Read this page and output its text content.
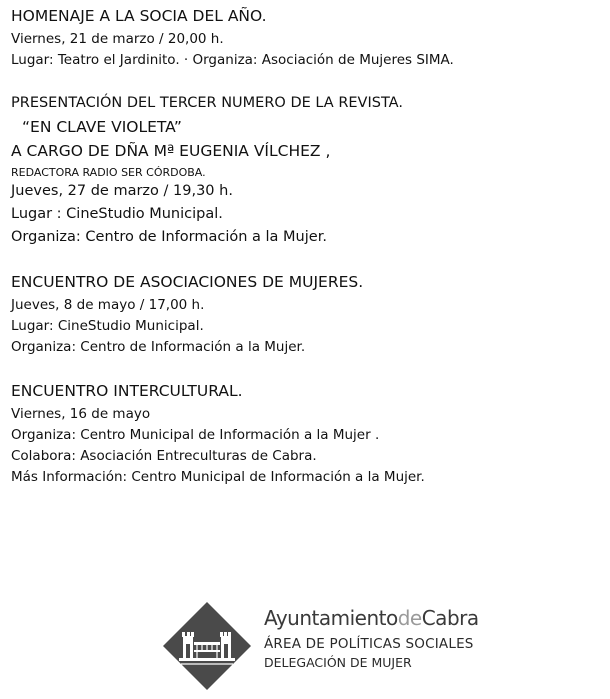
HOMENAJE A LA SOCIA DEL AÑO.
Viernes, 21 de marzo / 20,00 h.
Lugar: Teatro el Jardinito. · Organiza: Asociación de Mujeres SIMA.
PRESENTACIÓN DEL TERCER NUMERO DE LA REVISTA.
“EN CLAVE VIOLETA”
A CARGO DE DÑA Mª EUGENIA VÍLCHEZ ,
REDACTORA RADIO SER CÓRDOBA.
Jueves, 27 de marzo / 19,30 h.
Lugar : CineStudio Municipal.
Organiza: Centro de Información a la Mujer.
ENCUENTRO DE ASOCIACIONES DE MUJERES.
Jueves, 8 de mayo / 17,00 h.
Lugar: CineStudio Municipal.
Organiza: Centro de Información a la Mujer.
ENCUENTRO INTERCULTURAL.
Viernes, 16 de mayo
Organiza: Centro Municipal de Información a la Mujer .
Colabora: Asociación Entreculturas de Cabra.
Más Información: Centro Municipal de Información a la Mujer.
AyuntamientodeCabra
ÁREA DE POLÍTICAS SOCIALES
DELEGACIÓN DE MUJER
